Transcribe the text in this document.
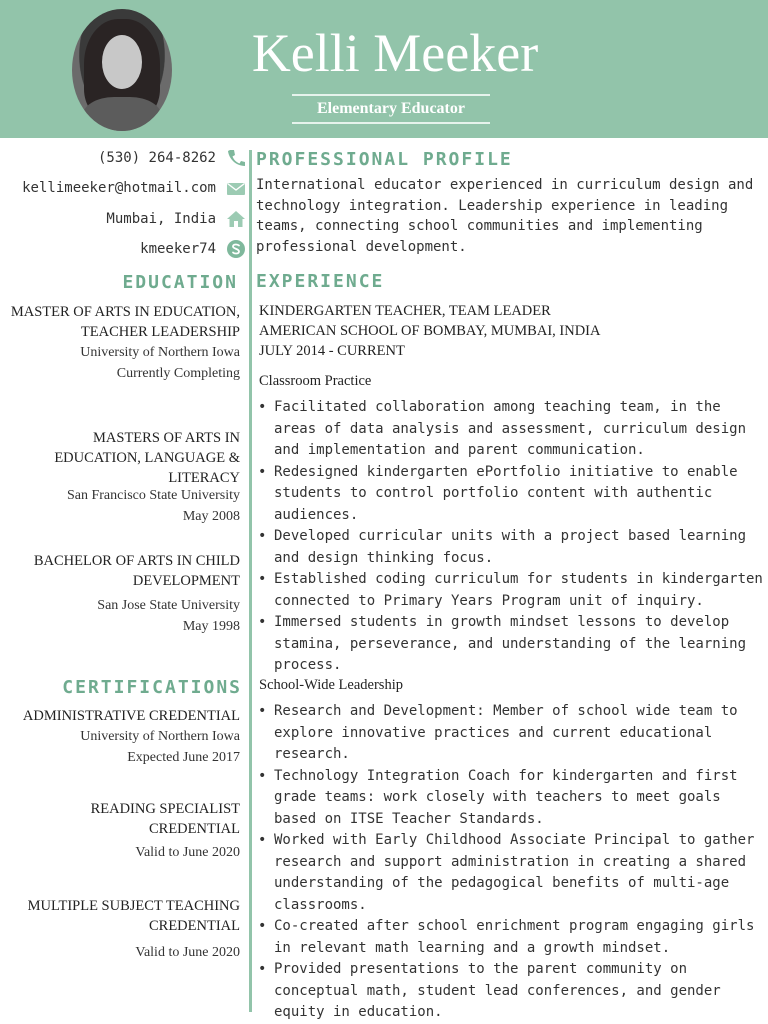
Kelli Meeker
Elementary Educator
(530) 264-8262
kellimeeker@hotmail.com
Mumbai, India
kmeeker74
EDUCATION
MASTER OF ARTS IN EDUCATION, TEACHER LEADERSHIP
University of Northern Iowa
Currently Completing
MASTERS OF ARTS IN EDUCATION, LANGUAGE & LITERACY
San Francisco State University
May 2008
BACHELOR OF ARTS IN CHILD DEVELOPMENT
San Jose State University
May 1998
CERTIFICATIONS
ADMINISTRATIVE CREDENTIAL
University of Northern Iowa
Expected June 2017
READING SPECIALIST CREDENTIAL
Valid to June 2020
MULTIPLE SUBJECT TEACHING CREDENTIAL
Valid to June 2020
PROFESSIONAL PROFILE
International educator experienced in curriculum design and technology integration. Leadership experience in leading teams, connecting school communities and implementing professional development.
EXPERIENCE
KINDERGARTEN TEACHER, TEAM LEADER
AMERICAN SCHOOL OF BOMBAY, MUMBAI, INDIA
JULY 2014 - CURRENT
Classroom Practice
• Facilitated collaboration among teaching team, in the areas of data analysis and assessment, curriculum design and implementation and parent communication.
• Redesigned kindergarten ePortfolio initiative to enable students to control portfolio content with authentic audiences.
• Developed curricular units with a project based learning and design thinking focus.
• Established coding curriculum for students in kindergarten connected to Primary Years Program unit of inquiry.
• Immersed students in growth mindset lessons to develop stamina, perseverance, and understanding of the learning process.
School-Wide Leadership
• Research and Development: Member of school wide team to explore innovative practices and current educational research.
• Technology Integration Coach for kindergarten and first grade teams: work closely with teachers to meet goals based on ITSE Teacher Standards.
• Worked with Early Childhood Associate Principal to gather research and support administration in creating a shared understanding of the pedagogical benefits of multi-age classrooms.
• Co-created after school enrichment program engaging girls in relevant math learning and a growth mindset.
• Provided presentations to the parent community on conceptual math, student lead conferences, and gender equity in education.
